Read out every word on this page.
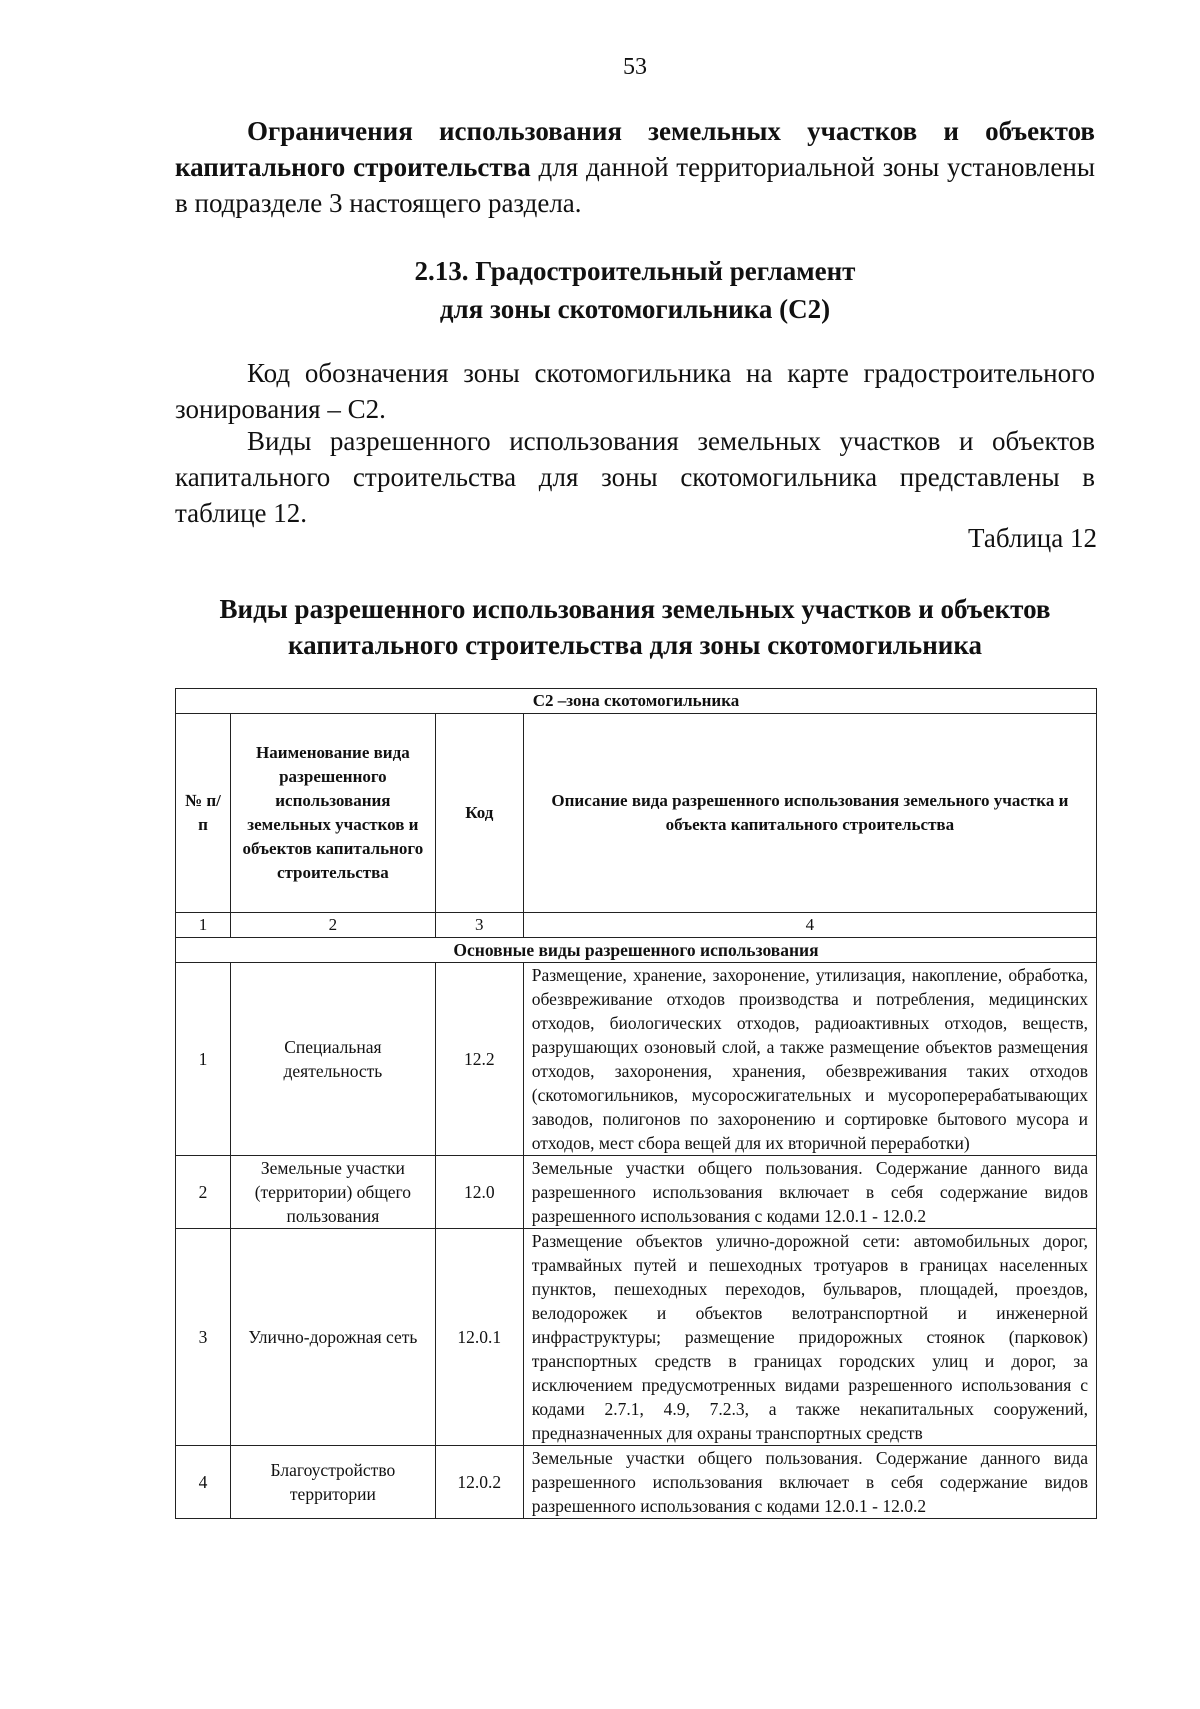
53

Ограничения использования земельных участков и объектов капитального строительства для данной территориальной зоны установлены в подразделе 3 настоящего раздела.

2.13. Градостроительный регламент
для зоны скотомогильника (С2)

Код обозначения зоны скотомогильника на карте градостроительного зонирования – С2.

Виды разрешенного использования земельных участков и объектов капитального строительства для зоны скотомогильника представлены в таблице 12.

Таблица 12

Виды разрешенного использования земельных участков и объектов
капитального строительства для зоны скотомогильника
С2 –зона скотомогильника			
№ п/п	Наименование вида разрешенного использования земельных участков и объектов капитального строительства	Код	Описание вида разрешенного использования земельного участка и объекта капитального строительства
1	2	3	4
Основные виды разрешенного использования			
1	Специальная деятельность	12.2	Размещение, хранение, захоронение, утилизация, накопление, обработка, обезвреживание отходов производства и потребления, медицинских отходов, биологических отходов, радиоактивных отходов, веществ, разрушающих озоновый слой, а также размещение объектов размещения отходов, захоронения, хранения, обезвреживания таких отходов (скотомогильников, мусоросжигательных и мусороперерабатывающих заводов, полигонов по захоронению и сортировке бытового мусора и отходов, мест сбора вещей для их вторичной переработки)
2	Земельные участки (территории) общего пользования	12.0	Земельные участки общего пользования. Содержание данного вида разрешенного использования включает в себя содержание видов разрешенного использования с кодами 12.0.1 - 12.0.2
3	Улично-дорожная сеть	12.0.1	Размещение объектов улично-дорожной сети: автомобильных дорог, трамвайных путей и пешеходных тротуаров в границах населенных пунктов, пешеходных переходов, бульваров, площадей, проездов, велодорожек и объектов велотранспортной и инженерной инфраструктуры; размещение придорожных стоянок (парковок) транспортных средств в границах городских улиц и дорог, за исключением предусмотренных видами разрешенного использования с кодами 2.7.1, 4.9, 7.2.3, а также некапитальных сооружений, предназначенных для охраны транспортных средств
4	Благоустройство территории	12.0.2	Земельные участки общего пользования. Содержание данного вида разрешенного использования включает в себя содержание видов разрешенного использования с кодами 12.0.1 - 12.0.2
